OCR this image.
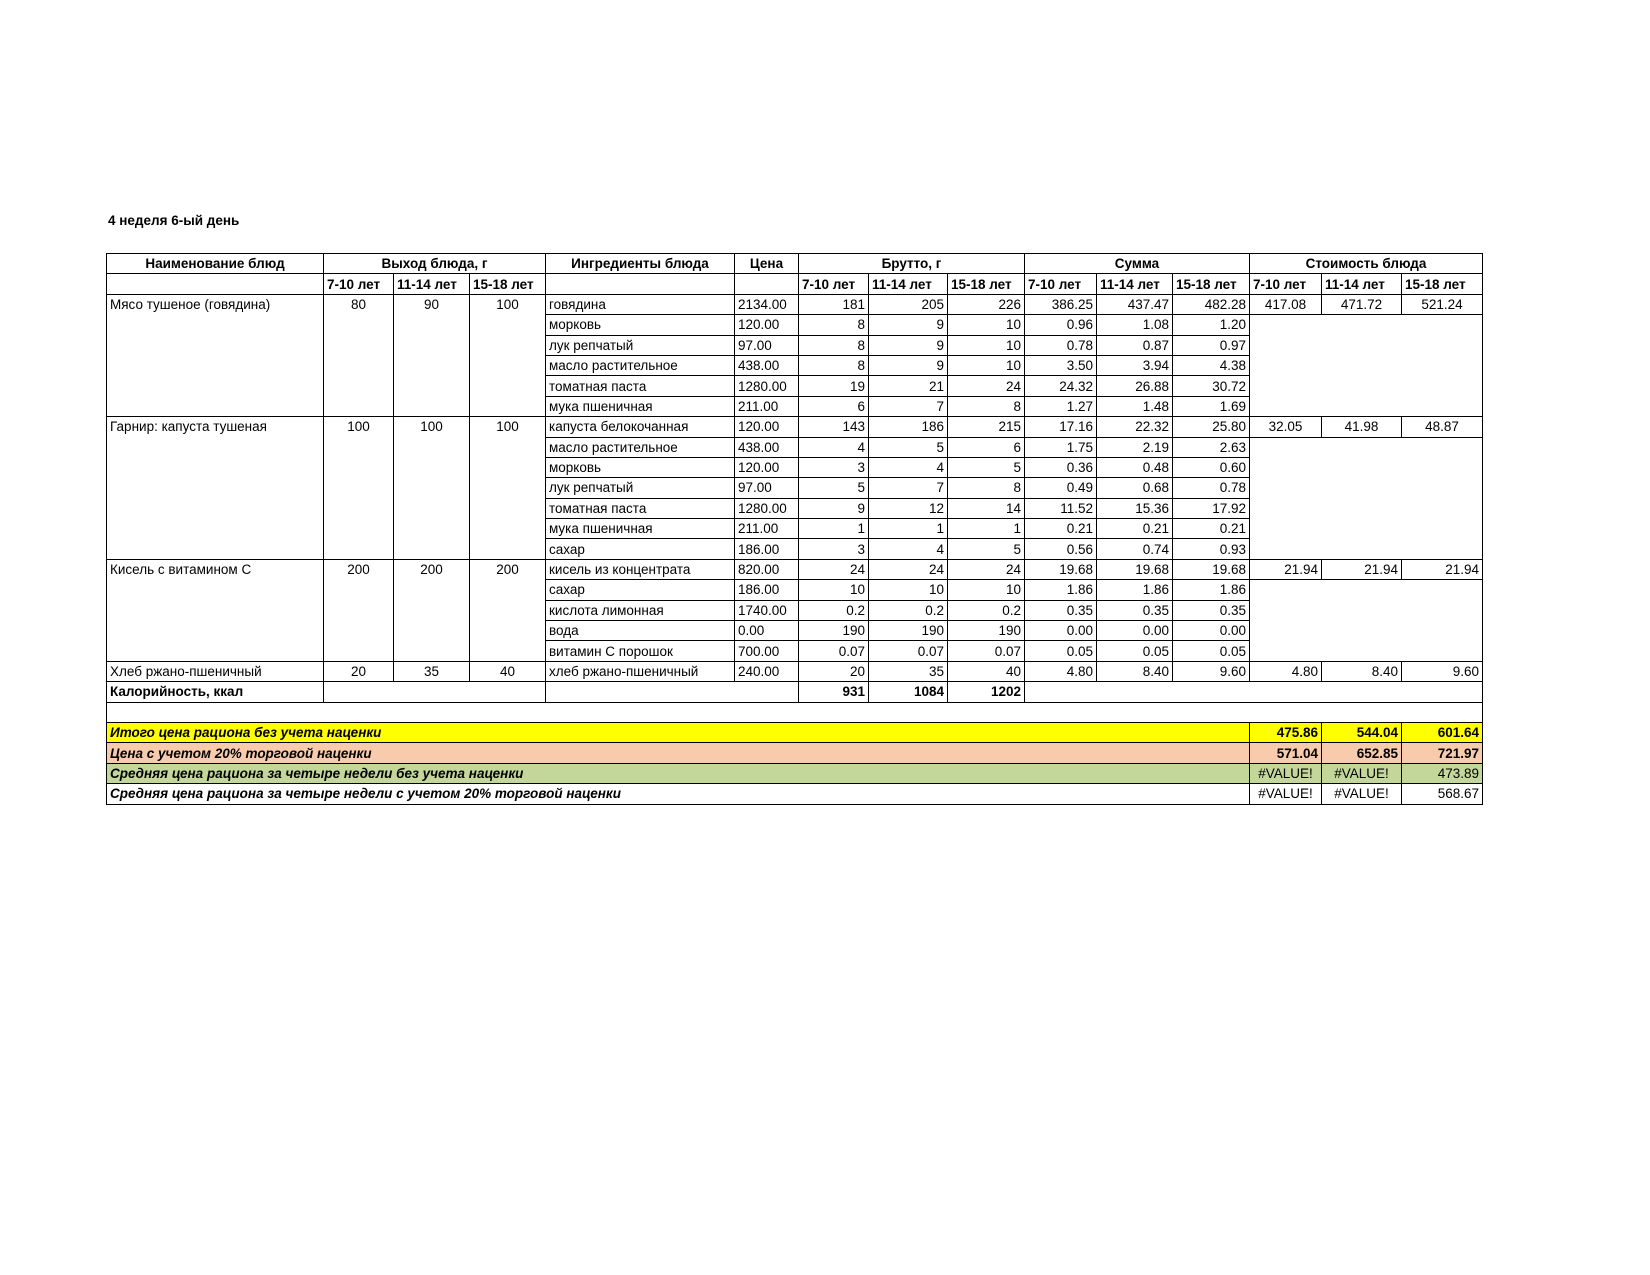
4 неделя 6-ый день
Наименование блюд	Выход блюда, г			Ингредиенты блюда	Цена	Брутто, г			Сумма			Стоимость блюда		
	7-10 лет	11-14 лет	15-18 лет			7-10 лет	11-14 лет	15-18 лет	7-10 лет	11-14 лет	15-18 лет	7-10 лет	11-14 лет	15-18 лет
Мясо тушеное (говядина)	80	90	100	говядина	2134.00	181	205	226	386.25	437.47	482.28	417.08	471.72	521.24
				морковь	120.00	8	9	10	0.96	1.08	1.20			
				лук репчатый	97.00	8	9	10	0.78	0.87	0.97			
				масло растительное	438.00	8	9	10	3.50	3.94	4.38			
				томатная паста	1280.00	19	21	24	24.32	26.88	30.72			
				мука пшеничная	211.00	6	7	8	1.27	1.48	1.69			
Гарнир: капуста тушеная	100	100	100	капуста белокочанная	120.00	143	186	215	17.16	22.32	25.80	32.05	41.98	48.87
				масло растительное	438.00	4	5	6	1.75	2.19	2.63			
				морковь	120.00	3	4	5	0.36	0.48	0.60			
				лук репчатый	97.00	5	7	8	0.49	0.68	0.78			
				томатная паста	1280.00	9	12	14	11.52	15.36	17.92			
				мука пшеничная	211.00	1	1	1	0.21	0.21	0.21			
				сахар	186.00	3	4	5	0.56	0.74	0.93			
Кисель с витамином С	200	200	200	кисель из концентрата	820.00	24	24	24	19.68	19.68	19.68	21.94	21.94	21.94
				сахар	186.00	10	10	10	1.86	1.86	1.86			
				кислота лимонная	1740.00	0.2	0.2	0.2	0.35	0.35	0.35			
				вода	0.00	190	190	190	0.00	0.00	0.00			
				витамин С порошок	700.00	0.07	0.07	0.07	0.05	0.05	0.05			
Хлеб ржано-пшеничный	20	35	40	хлеб ржано-пшеничный	240.00	20	35	40	4.80	8.40	9.60	4.80	8.40	9.60
Калорийность, ккал						931	1084	1202						

Итого цена рациона без учета наценки												475.86	544.04	601.64
Цена с учетом 20% торговой наценки												571.04	652.85	721.97
Средняя цена рациона за четыре недели без учета наценки												#VALUE!	#VALUE!	473.89
Средняя цена рациона за четыре недели с учетом 20% торговой наценки												#VALUE!	#VALUE!	568.67
